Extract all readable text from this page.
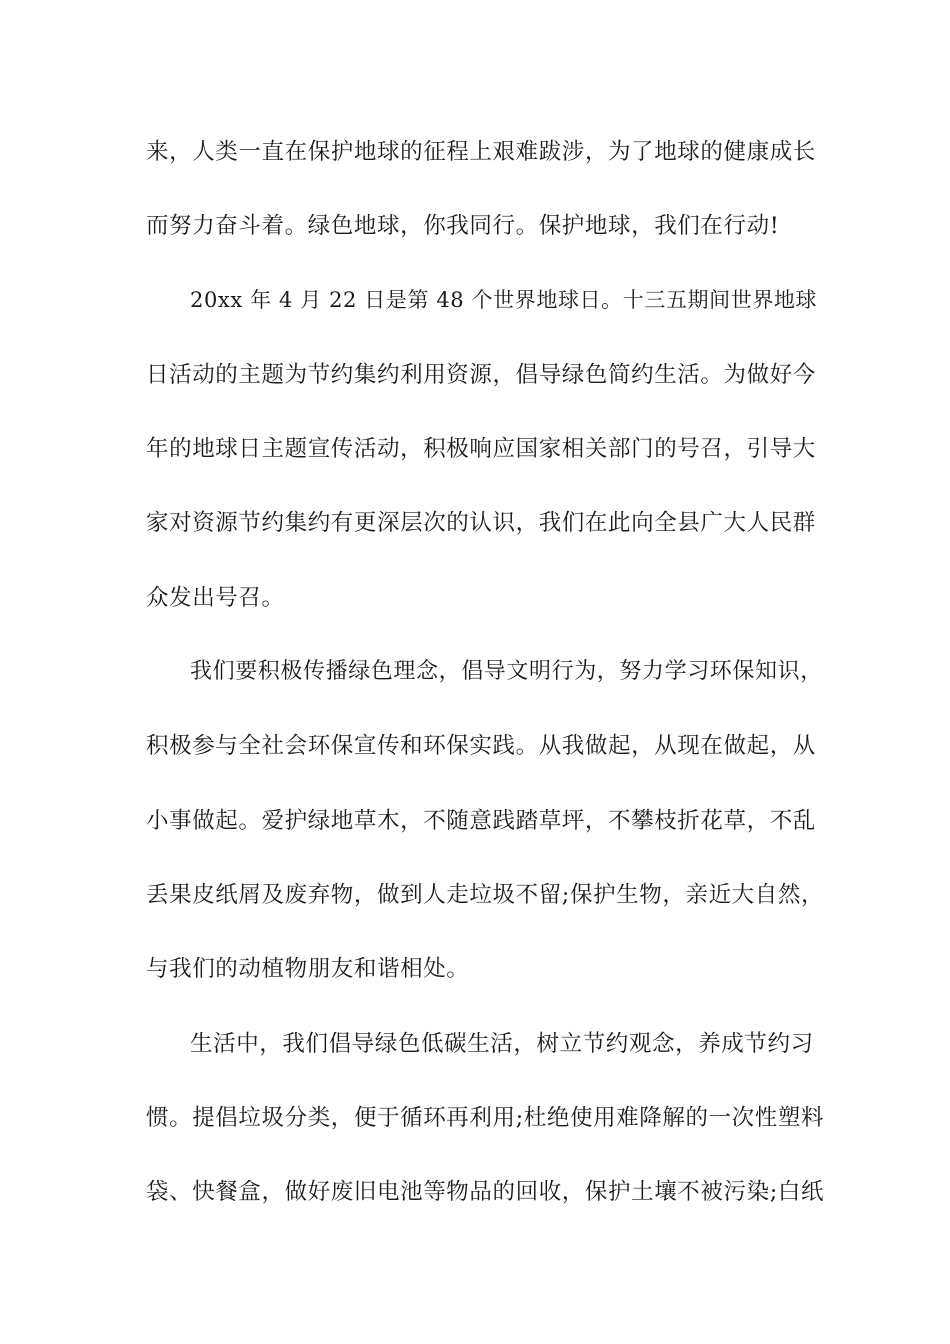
来，人类一直在保护地球的征程上艰难跋涉，为了地球的健康成长
而努力奋斗着。绿色地球，你我同行。保护地球，我们在行动!
20xx 年 4 月 22 日是第 48 个世界地球日。十三五期间世界地球
日活动的主题为节约集约利用资源，倡导绿色简约生活。为做好今
年的地球日主题宣传活动，积极响应国家相关部门的号召，引导大
家对资源节约集约有更深层次的认识，我们在此向全县广大人民群
众发出号召。
我们要积极传播绿色理念，倡导文明行为，努力学习环保知识，
积极参与全社会环保宣传和环保实践。从我做起，从现在做起，从
小事做起。爱护绿地草木，不随意践踏草坪，不攀枝折花草，不乱
丢果皮纸屑及废弃物，做到人走垃圾不留;保护生物，亲近大自然，
与我们的动植物朋友和谐相处。
生活中，我们倡导绿色低碳生活，树立节约观念，养成节约习
惯。提倡垃圾分类，便于循环再利用;杜绝使用难降解的一次性塑料
袋、快餐盒，做好废旧电池等物品的回收，保护土壤不被污染;白纸
